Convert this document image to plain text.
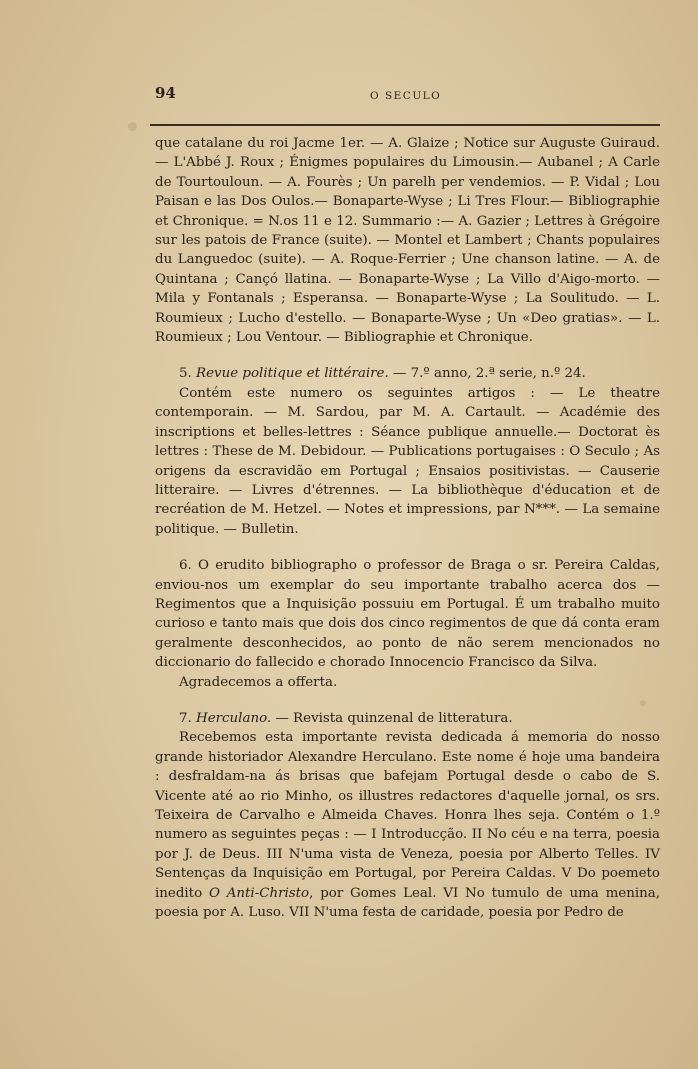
94	O SECULO

que catalane du roi Jacme 1er. — A. Glaize ; Notice sur Auguste Guiraud. — L'Abbé J. Roux ; Énigmes populaires du Limousin.— Aubanel ; A Carle de Tourtouloun. — A. Fourès ; Un parelh per vendemios. — P. Vidal ; Lou Paisan e las Dos Oulos.— Bonaparte-Wyse ; Li Tres Flour.— Bibliographie et Chronique. = N.os 11 e 12. Summario :— A. Gazier ; Lettres à Grégoire sur les patois de France (suite). — Montel et Lambert ; Chants populaires du Languedoc (suite). — A. Roque-Ferrier ; Une chanson latine. — A. de Quintana ; Cançó llatina. — Bonaparte-Wyse ; La Villo d'Aigo-morto. — Mila y Fontanals ; Esperansa. — Bonaparte-Wyse ; La Soulitudo. — L. Roumieux ; Lucho d'estello. — Bonaparte-Wyse ; Un «Deo gratias». — L. Roumieux ; Lou Ventour. — Bibliographie et Chronique.

5. Revue politique et littéraire. — 7.º anno, 2.ª serie, n.º 24.

Contém este numero os seguintes artigos : — Le theatre contemporain. — M. Sardou, par M. A. Cartault. — Académie des inscriptions et belles-lettres : Séance publique annuelle.— Doctorat ès lettres : These de M. Debidour. — Publications portugaises : O Seculo ; As origens da escravidão em Portugal ; Ensaios positivistas. — Causerie litteraire. — Livres d'étrennes. — La bibliothèque d'éducation et de recréation de M. Hetzel. — Notes et impressions, par N***. — La semaine politique. — Bulletin.

6. O erudito bibliographo o professor de Braga o sr. Pereira Caldas, enviou-nos um exemplar do seu importante trabalho acerca dos — Regimentos que a Inquisição possuiu em Portugal. É um trabalho muito curioso e tanto mais que dois dos cinco regimentos de que dá conta eram geralmente desconhecidos, ao ponto de não serem mencionados no diccionario do fallecido e chorado Innocencio Francisco da Silva.

Agradecemos a offerta.

7. Herculano. — Revista quinzenal de litteratura.

Recebemos esta importante revista dedicada á memoria do nosso grande historiador Alexandre Herculano. Este nome é hoje uma bandeira : desfraldam-na ás brisas que bafejam Portugal desde o cabo de S. Vicente até ao rio Minho, os illustres redactores d'aquelle jornal, os srs. Teixeira de Carvalho e Almeida Chaves. Honra lhes seja. Contém o 1.º numero as seguintes peças : — I Introducção. II No céu e na terra, poesia por J. de Deus. III N'uma vista de Veneza, poesia por Alberto Telles. IV Sentenças da Inquisição em Portugal, por Pereira Caldas. V Do poemeto inedito O Anti-Christo, por Gomes Leal. VI No tumulo de uma menina, poesia por A. Luso. VII N'uma festa de caridade, poesia por Pedro de
